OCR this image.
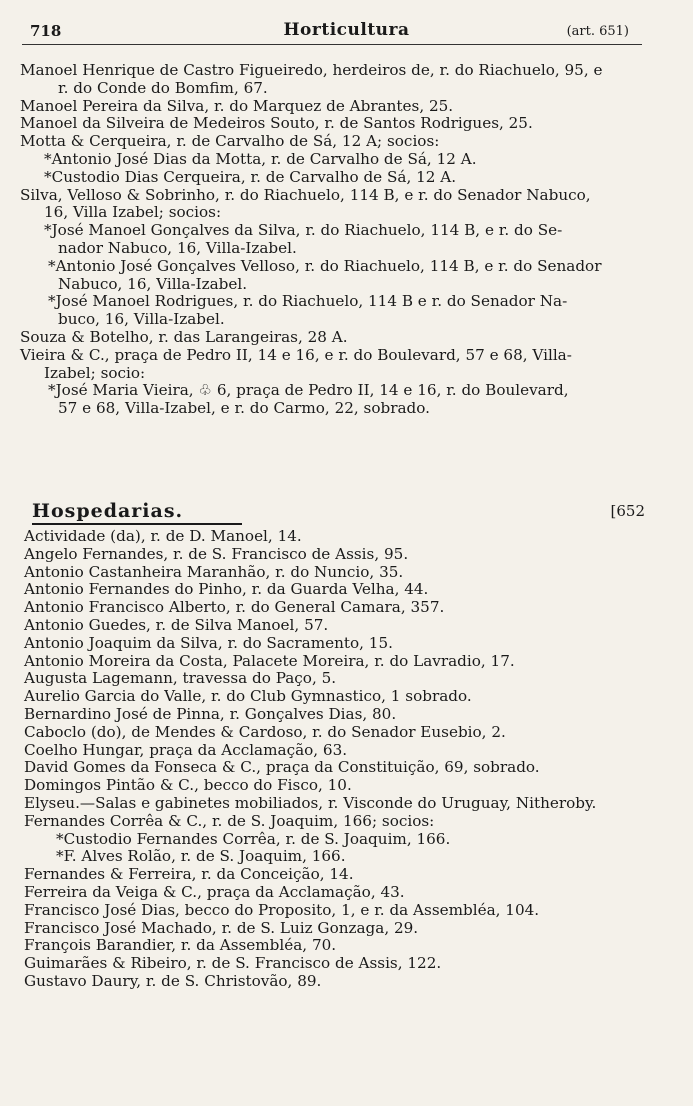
718	Horticultura	(art. 651)
Manoel Henrique de Castro Figueiredo, herdeiros de, r. do Riachuelo, 95, e
r. do Conde do Bomfim, 67.
Manoel Pereira da Silva, r. do Marquez de Abrantes, 25.
Manoel da Silveira de Medeiros Souto, r. de Santos Rodrigues, 25.
Motta & Cerqueira, r. de Carvalho de Sá, 12 A; socios:
*Antonio José Dias da Motta, r. de Carvalho de Sá, 12 A.
*Custodio Dias Cerqueira, r. de Carvalho de Sá, 12 A.
Silva, Velloso & Sobrinho, r. do Riachuelo, 114 B, e r. do Senador Nabuco,
16, Villa Izabel; socios:
*José Manoel Gonçalves da Silva, r. do Riachuelo, 114 B, e r. do Se-
nador Nabuco, 16, Villa-Izabel.
*Antonio José Gonçalves Velloso, r. do Riachuelo, 114 B, e r. do Senador
Nabuco, 16, Villa-Izabel.
*José Manoel Rodrigues, r. do Riachuelo, 114 B e r. do Senador Na-
buco, 16, Villa-Izabel.
Souza & Botelho, r. das Larangeiras, 28 A.
Vieira & C., praça de Pedro II, 14 e 16, e r. do Boulevard, 57 e 68, Villa-
Izabel; socio:
*José Maria Vieira, ♧ 6, praça de Pedro II, 14 e 16, r. do Boulevard,
57 e 68, Villa-Izabel, e r. do Carmo, 22, sobrado.
Hospedarias.	[652
Actividade (da), r. de D. Manoel, 14.
Angelo Fernandes, r. de S. Francisco de Assis, 95.
Antonio Castanheira Maranhão, r. do Nuncio, 35.
Antonio Fernandes do Pinho, r. da Guarda Velha, 44.
Antonio Francisco Alberto, r. do General Camara, 357.
Antonio Guedes, r. de Silva Manoel, 57.
Antonio Joaquim da Silva, r. do Sacramento, 15.
Antonio Moreira da Costa, Palacete Moreira, r. do Lavradio, 17.
Augusta Lagemann, travessa do Paço, 5.
Aurelio Garcia do Valle, r. do Club Gymnastico, 1 sobrado.
Bernardino José de Pinna, r. Gonçalves Dias, 80.
Caboclo (do), de Mendes & Cardoso, r. do Senador Eusebio, 2.
Coelho Hungar, praça da Acclamação, 63.
David Gomes da Fonseca & C., praça da Constituição, 69, sobrado.
Domingos Pintão & C., becco do Fisco, 10.
Elyseu.—Salas e gabinetes mobiliados, r. Visconde do Uruguay, Nitheroby.
Fernandes Corrêa & C., r. de S. Joaquim, 166; socios:
*Custodio Fernandes Corrêa, r. de S. Joaquim, 166.
*F. Alves Rolão, r. de S. Joaquim, 166.
Fernandes & Ferreira, r. da Conceição, 14.
Ferreira da Veiga & C., praça da Acclamação, 43.
Francisco José Dias, becco do Proposito, 1, e r. da Assembléa, 104.
Francisco José Machado, r. de S. Luiz Gonzaga, 29.
François Barandier, r. da Assembléa, 70.
Guimarães & Ribeiro, r. de S. Francisco de Assis, 122.
Gustavo Daury, r. de S. Christovão, 89.
